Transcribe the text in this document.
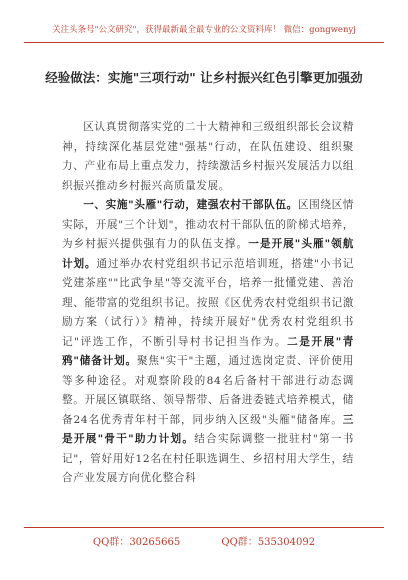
关注头条号"公文研究"，获得最新最全最专业的公文资料库！ 微信：gongwenyj
经验做法：实施"三项行动" 让乡村振兴红色引擎更加强劲

区认真贯彻落实党的二十大精神和三级组织部长会议精神，持续深化基层党建"强基"行动，在队伍建设、组织聚力、产业布局上重点发力，持续激活乡村振兴发展活力以组织振兴推动乡村振兴高质量发展。

一、实施"头雁"行动，建强农村干部队伍。区围绕区情实际，开展"三个计划"，推动农村干部队伍的阶梯式培养，为乡村振兴提供强有力的队伍支撑。一是开展"头雁"领航计划。通过举办农村党组织书记示范培训班，搭建"小书记党建茶座""比武争星"等交流平台，培养一批懂党建、善治理、能带富的党组织书记。按照《区优秀农村党组织书记激励方案（试行）》精神，持续开展好"优秀农村党组织书记"评选工作，不断引导村书记担当作为。二是开展"青鸦"储备计划。聚焦"实干"主题，通过选岗定责、评价使用等多种途径。对观察阶段的84名后备村干部进行动态调整。开展区镇联络、领导帮带、后备进委链式培养模式，储备24名优秀青年村干部，同步纳入区级"头雁"储备库。三是开展"骨干"助力计划。结合实际调整一批驻村"第一书记"，管好用好12名在村任职选调生、乡招村用大学生，结合产业发展方向优化整合科

QQ群：30265665	QQ群：535304092
